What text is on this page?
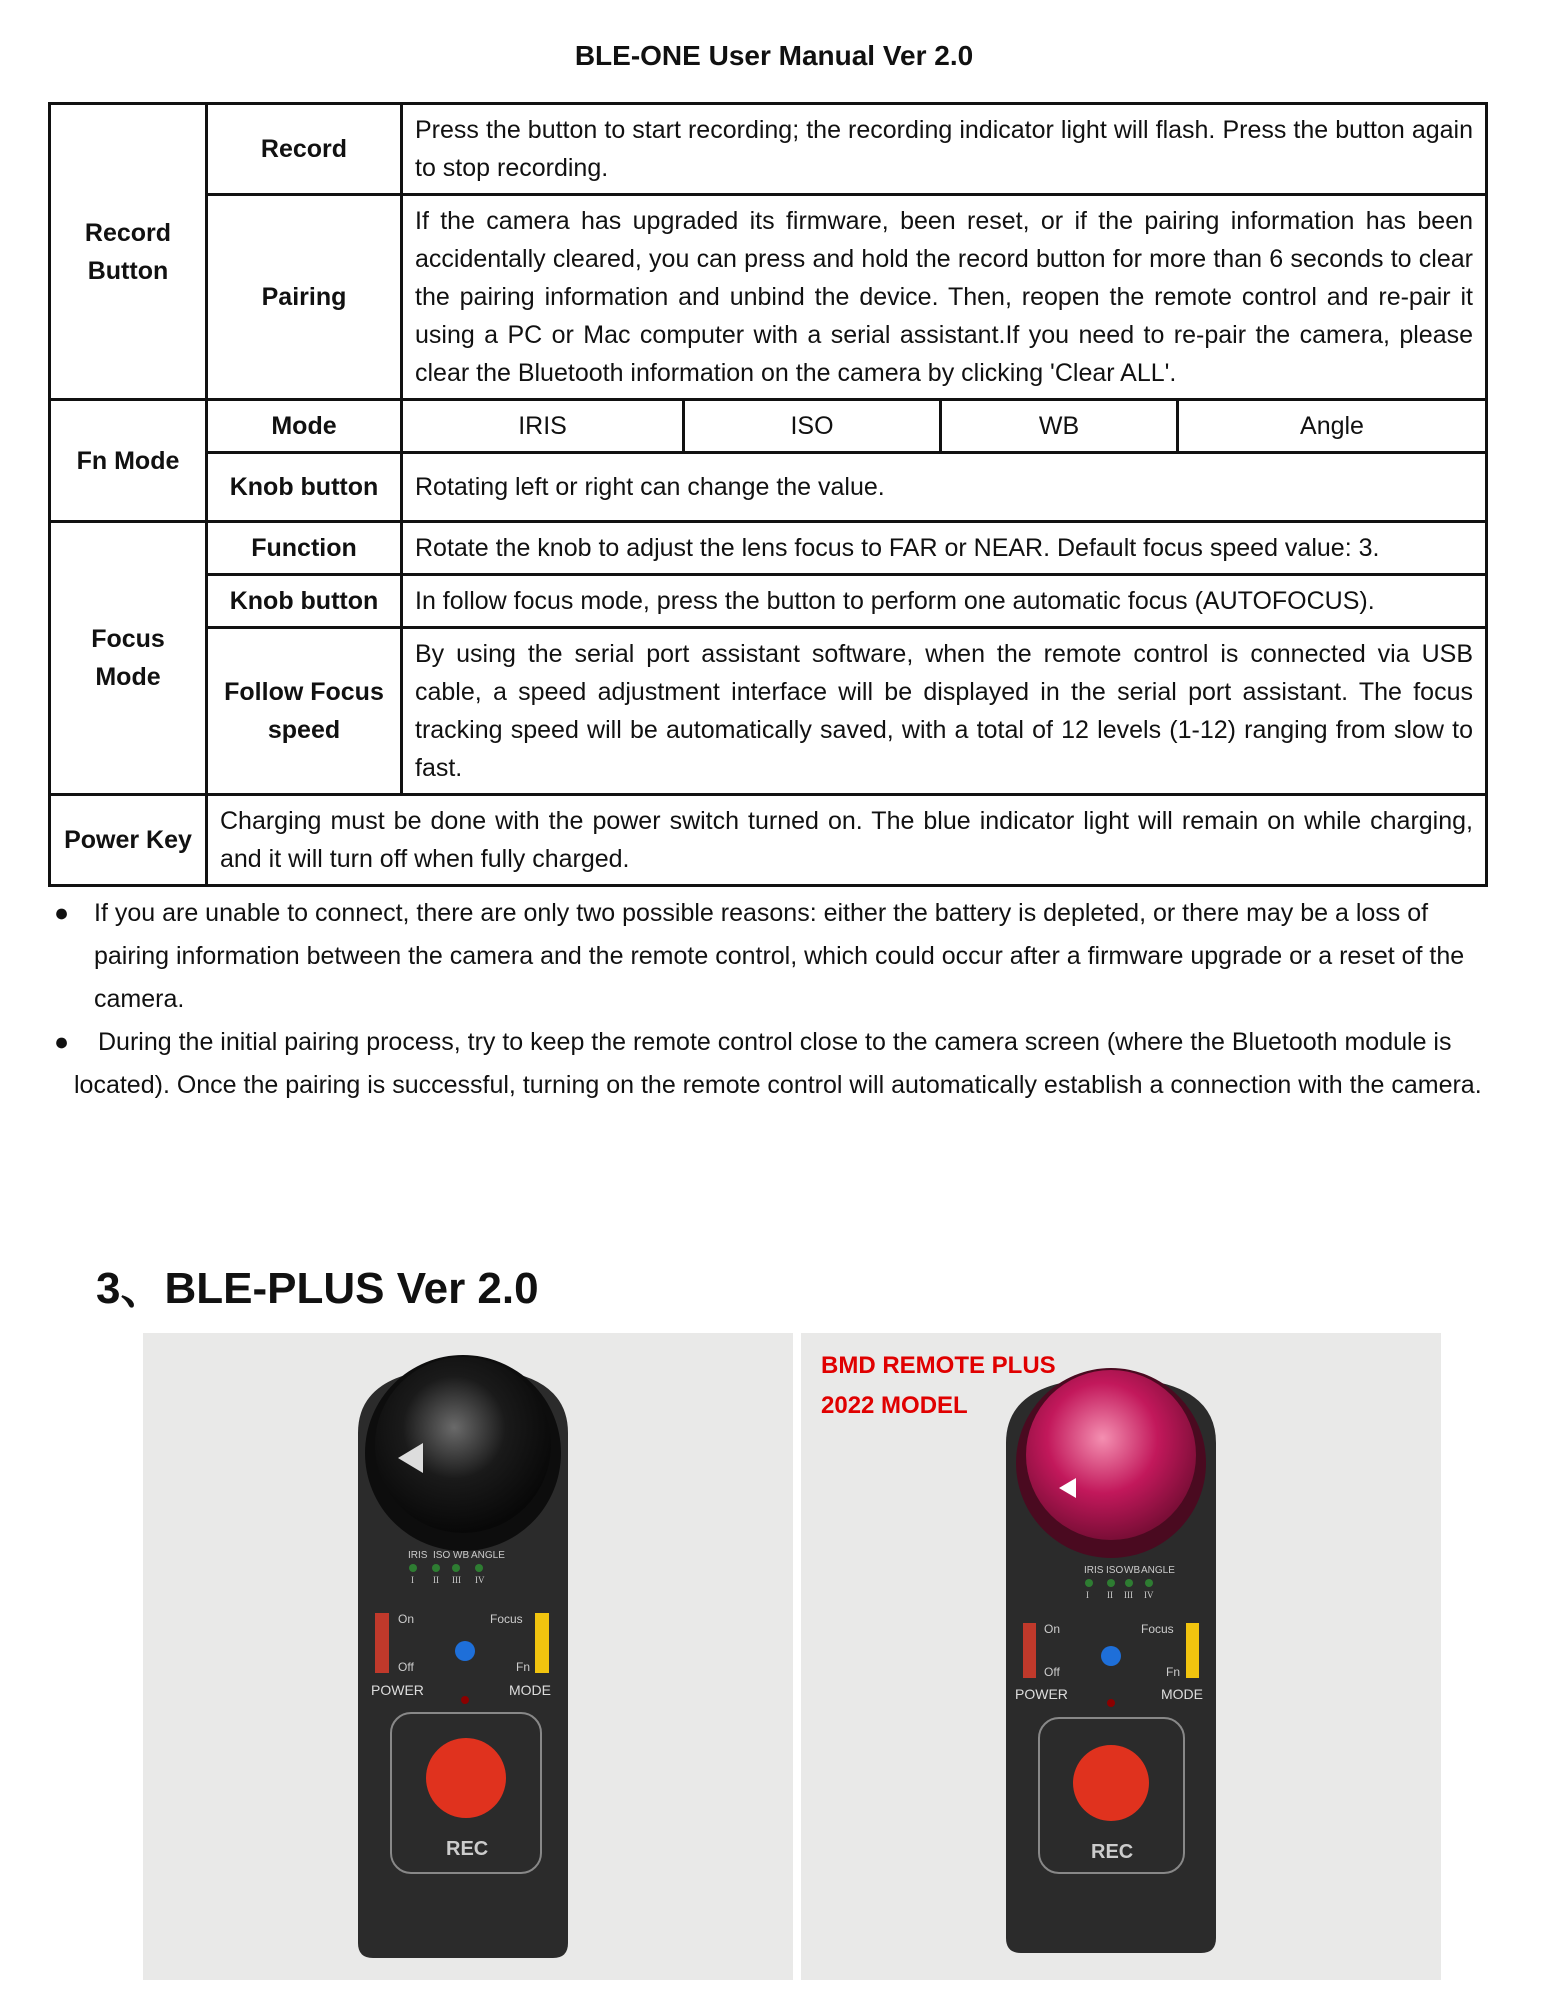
BLE-ONE User Manual Ver 2.0
Record Button	Record	Press the button to start recording; the recording indicator light will flash. Press the button again to stop recording.			
	Pairing	If the camera has upgraded its firmware, been reset, or if the pairing information has been accidentally cleared, you can press and hold the record button for more than 6 seconds to clear the pairing information and unbind the device. Then, reopen the remote control and re-pair it using a PC or Mac computer with a serial assistant.If you need to re-pair the camera, please clear the Bluetooth information on the camera by clicking 'Clear ALL'.			
Fn Mode	Mode	IRIS	ISO	WB	Angle
	Knob button	Rotating left or right can change the value.			
Focus Mode	Function	Rotate the knob to adjust the lens focus to FAR or NEAR. Default focus speed value: 3.			
	Knob button	In follow focus mode, press the button to perform one automatic focus (AUTOFOCUS).			
	Follow Focus speed	By using the serial port assistant software, when the remote control is connected via USB cable, a speed adjustment interface will be displayed in the serial port assistant. The focus tracking speed will be automatically saved, with a total of 12 levels (1-12) ranging from slow to fast.			
Power Key	Charging must be done with the power switch turned on. The blue indicator light will remain on while charging, and it will turn off when fully charged.				
● If you are unable to connect, there are only two possible reasons: either the battery is depleted, or there may be a loss of pairing information between the camera and the remote control, which could occur after a firmware upgrade or a reset of the camera.
●	During the initial pairing process, try to keep the remote control close to the camera screen (where the Bluetooth module is located). Once the pairing is successful, turning on the remote control will automatically establish a connection with the camera.
3、BLE-PLUS Ver 2.0
IRIS ISO WB ANGLE
I II III IV
On
Off
POWER
Focus
Fn
MODE
REC
BMD REMOTE PLUS
2022 MODEL
IRIS ISO WB ANGLE
I II III IV
On
Off
POWER
Focus
Fn
MODE
REC
